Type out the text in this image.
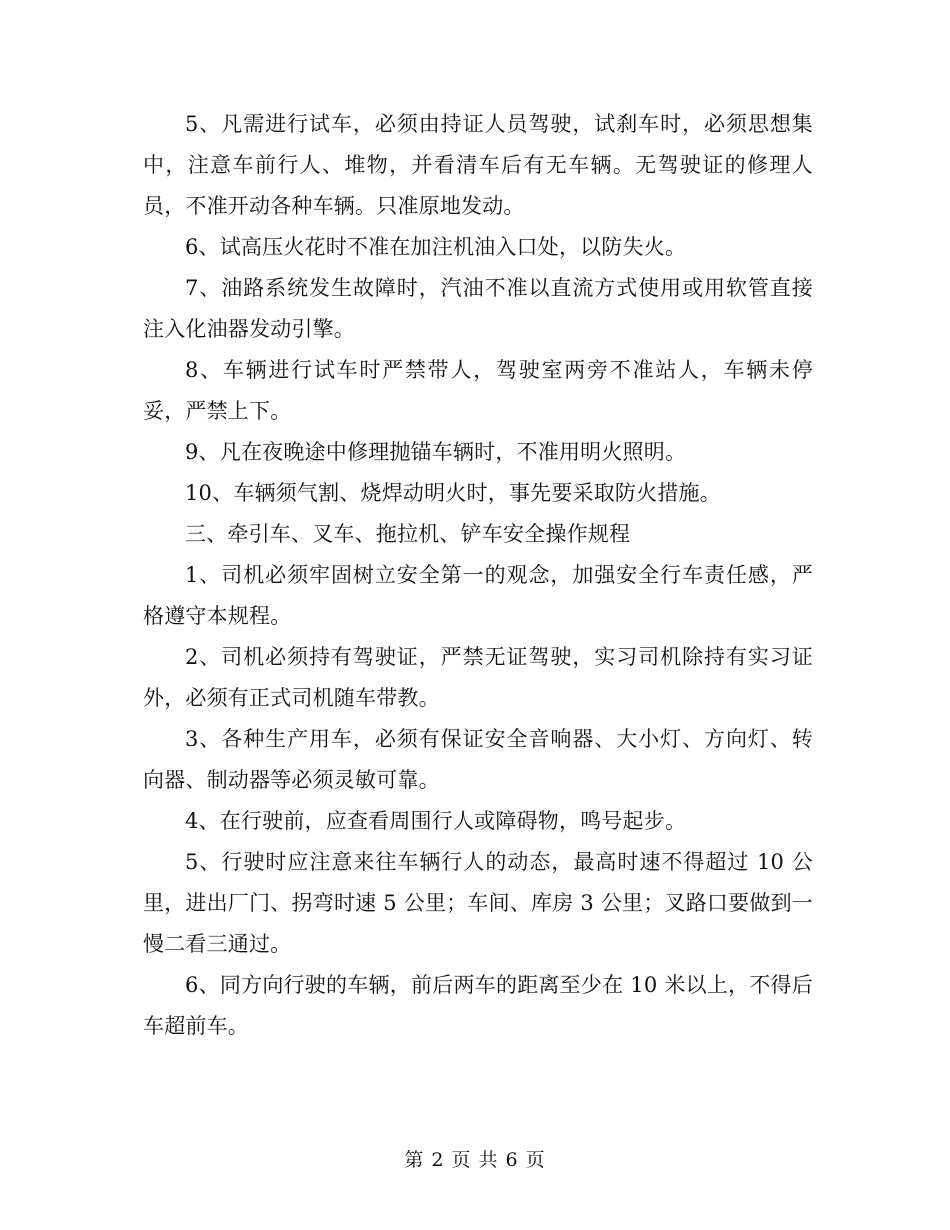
5、凡需进行试车，必须由持证人员驾驶，试刹车时，必须思想集中，注意车前行人、堆物，并看清车后有无车辆。无驾驶证的修理人员，不准开动各种车辆。只准原地发动。

6、试高压火花时不准在加注机油入口处，以防失火。

7、油路系统发生故障时，汽油不准以直流方式使用或用软管直接注入化油器发动引擎。

8、车辆进行试车时严禁带人，驾驶室两旁不准站人，车辆未停妥，严禁上下。

9、凡在夜晚途中修理抛锚车辆时，不准用明火照明。

10、车辆须气割、烧焊动明火时，事先要采取防火措施。

三、牵引车、叉车、拖拉机、铲车安全操作规程

1、司机必须牢固树立安全第一的观念，加强安全行车责任感，严格遵守本规程。

2、司机必须持有驾驶证，严禁无证驾驶，实习司机除持有实习证外，必须有正式司机随车带教。

3、各种生产用车，必须有保证安全音响器、大小灯、方向灯、转向器、制动器等必须灵敏可靠。

4、在行驶前，应查看周围行人或障碍物，鸣号起步。

5、行驶时应注意来往车辆行人的动态，最高时速不得超过 10 公里，进出厂门、拐弯时速 5 公里；车间、库房 3 公里；叉路口要做到一慢二看三通过。

6、同方向行驶的车辆，前后两车的距离至少在 10 米以上，不得后车超前车。

第 2 页 共 6 页
